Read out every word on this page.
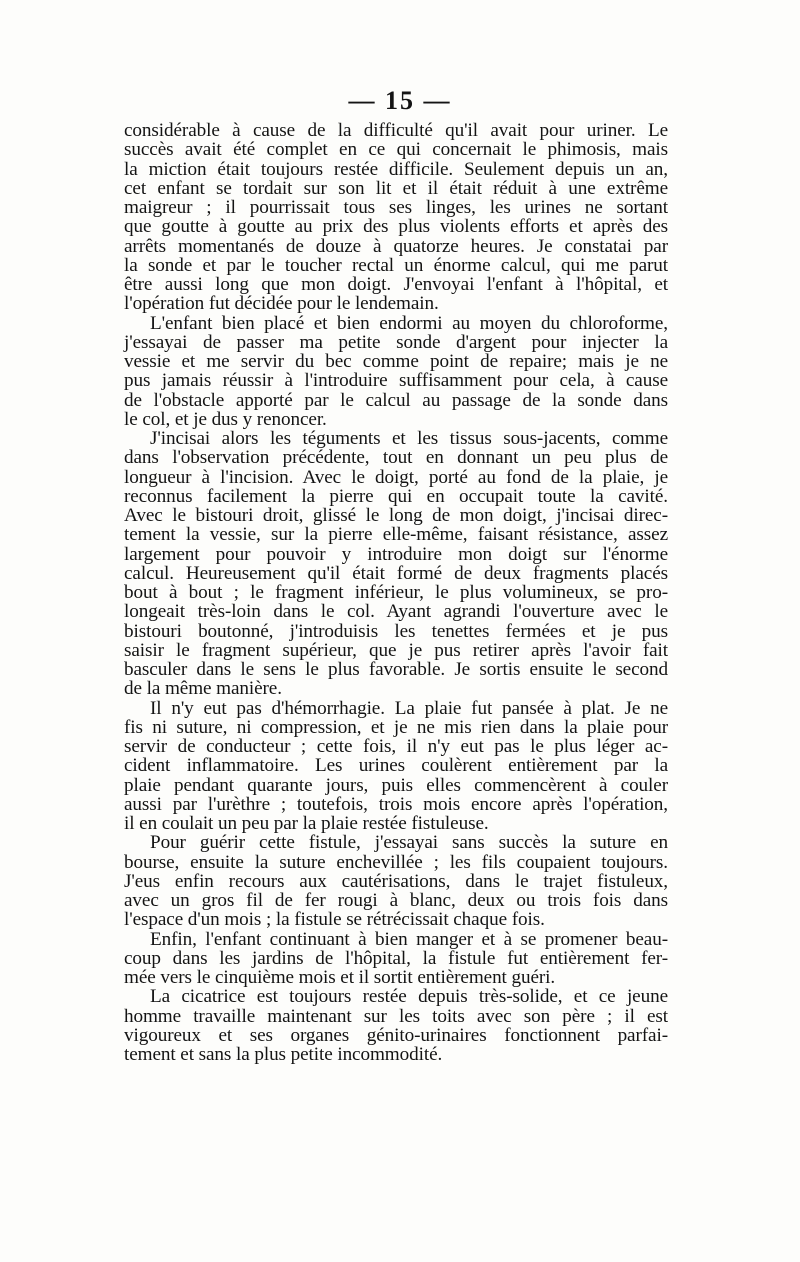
— 15 —
considérable à cause de la difficulté qu'il avait pour uriner. Le
succès avait été complet en ce qui concernait le phimosis, mais
la miction était toujours restée difficile. Seulement depuis un an,
cet enfant se tordait sur son lit et il était réduit à une extrême
maigreur ; il pourrissait tous ses linges, les urines ne sortant
que goutte à goutte au prix des plus violents efforts et après des
arrêts momentanés de douze à quatorze heures. Je constatai par
la sonde et par le toucher rectal un énorme calcul, qui me parut
être aussi long que mon doigt. J'envoyai l'enfant à l'hôpital, et
l'opération fut décidée pour le lendemain.
L'enfant bien placé et bien endormi au moyen du chloroforme,
j'essayai de passer ma petite sonde d'argent pour injecter la
vessie et me servir du bec comme point de repaire; mais je ne
pus jamais réussir à l'introduire suffisamment pour cela, à cause
de l'obstacle apporté par le calcul au passage de la sonde dans
le col, et je dus y renoncer.
J'incisai alors les téguments et les tissus sous-jacents, comme
dans l'observation précédente, tout en donnant un peu plus de
longueur à l'incision. Avec le doigt, porté au fond de la plaie, je
reconnus facilement la pierre qui en occupait toute la cavité.
Avec le bistouri droit, glissé le long de mon doigt, j'incisai direc-
tement la vessie, sur la pierre elle-même, faisant résistance, assez
largement pour pouvoir y introduire mon doigt sur l'énorme
calcul. Heureusement qu'il était formé de deux fragments placés
bout à bout ; le fragment inférieur, le plus volumineux, se pro-
longeait très-loin dans le col. Ayant agrandi l'ouverture avec le
bistouri boutonné, j'introduisis les tenettes fermées et je pus
saisir le fragment supérieur, que je pus retirer après l'avoir fait
basculer dans le sens le plus favorable. Je sortis ensuite le second
de la même manière.
Il n'y eut pas d'hémorrhagie. La plaie fut pansée à plat. Je ne
fis ni suture, ni compression, et je ne mis rien dans la plaie pour
servir de conducteur ; cette fois, il n'y eut pas le plus léger ac-
cident inflammatoire. Les urines coulèrent entièrement par la
plaie pendant quarante jours, puis elles commencèrent à couler
aussi par l'urèthre ; toutefois, trois mois encore après l'opération,
il en coulait un peu par la plaie restée fistuleuse.
Pour guérir cette fistule, j'essayai sans succès la suture en
bourse, ensuite la suture enchevillée ; les fils coupaient toujours.
J'eus enfin recours aux cautérisations, dans le trajet fistuleux,
avec un gros fil de fer rougi à blanc, deux ou trois fois dans
l'espace d'un mois ; la fistule se rétrécissait chaque fois.
Enfin, l'enfant continuant à bien manger et à se promener beau-
coup dans les jardins de l'hôpital, la fistule fut entièrement fer-
mée vers le cinquième mois et il sortit entièrement guéri.
La cicatrice est toujours restée depuis très-solide, et ce jeune
homme travaille maintenant sur les toits avec son père ; il est
vigoureux et ses organes génito-urinaires fonctionnent parfai-
tement et sans la plus petite incommodité.
